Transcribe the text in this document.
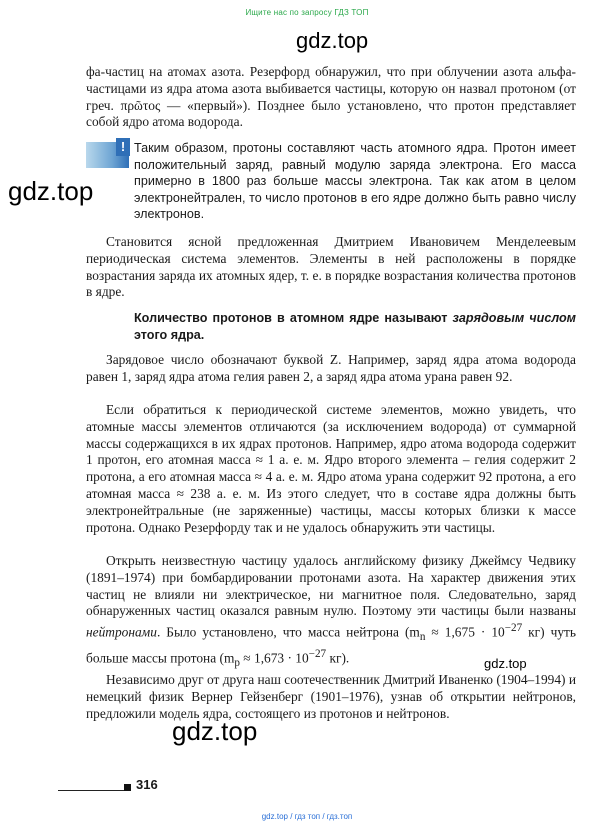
Ищите нас по запросу ГДЗ ТОП
gdz.top

фа-частиц на атомах азота. Резерфорд обнаружил, что при облучении азота альфа-частицами из ядра атома азота выбивается частицы, которую он назвал протоном (от греч. πρῶτος — «первый»). Позднее было установлено, что протон представляет собой ядро атома водорода.

! Таким образом, протоны составляют часть атомного ядра. Протон имеет положительный заряд, равный модулю заряда электрона. Его масса примерно в 1800 раз больше массы электрона. Так как атом в целом электронейтрален, то число протонов в его ядре должно быть равно числу электронов.

gdz.top

Становится ясной предложенная Дмитрием Ивановичем Менделеевым периодическая система элементов. Элементы в ней расположены в порядке возрастания заряда их атомных ядер, т. е. в порядке возрастания количества протонов в ядре.

Количество протонов в атомном ядре называют зарядовым числом этого ядра.

Зарядовое число обозначают буквой Z. Например, заряд ядра атома водорода равен 1, заряд ядра атома гелия равен 2, а заряд ядра атома урана равен 92.

Если обратиться к периодической системе элементов, можно увидеть, что атомные массы элементов отличаются (за исключением водорода) от суммарной массы содержащихся в их ядрах протонов. Например, ядро атома водорода содержит 1 протон, его атомная масса ≈ 1 а. е. м. Ядро второго элемента – гелия содержит 2 протона, а его атомная масса ≈ 4 а. е. м. Ядро атома урана содержит 92 протона, а его атомная масса ≈ 238 а. е. м. Из этого следует, что в составе ядра должны быть электронейтральные (не заряженные) частицы, массы которых близки к массе протона. Однако Резерфорду так и не удалось обнаружить эти частицы.

Открыть неизвестную частицу удалось английскому физику Джеймсу Чедвику (1891–1974) при бомбардировании протонами азота. На характер движения этих частиц не влияли ни электрическое, ни магнитное поля. Следовательно, заряд обнаруженных частиц оказался равным нулю. Поэтому эти частицы были названы нейтронами. Было установлено, что масса нейтрона ($m_n \approx 1,675 \cdot 10^{-27}$ кг) чуть больше массы протона ($m_p \approx 1,673 \cdot 10^{-27}$ кг).	gdz.top

Независимо друг от друга наш соотечественник Дмитрий Иваненко (1904–1994) и немецкий физик Вернер Гейзенберг (1901–1976), узнав об открытии нейтронов, предложили модель ядра, состоящего из протонов и нейтронов.

gdz.top
316
gdz.top / гдз топ / гдз.топ
